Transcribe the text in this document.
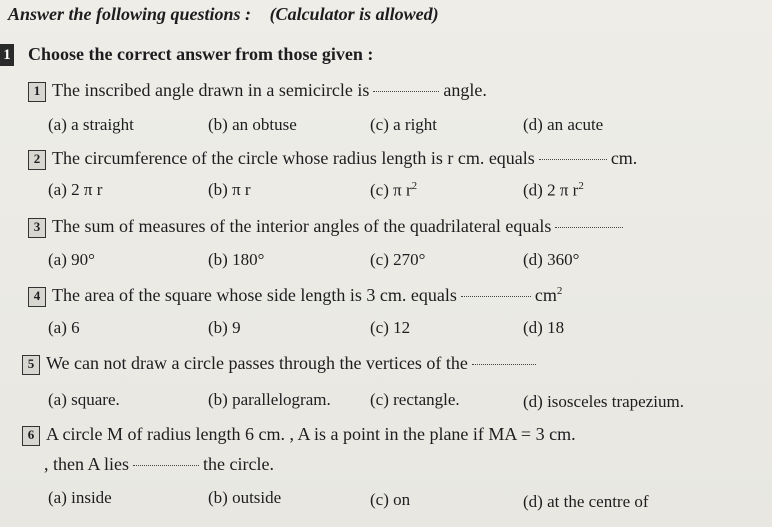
Answer the following questions : (Calculator is allowed)
1 Choose the correct answer from those given :
1 The inscribed angle drawn in a semicircle is	angle.
(a) a straight	(b) an obtuse	(c) a right	(d) an acute
2 The circumference of the circle whose radius length is r cm. equals	cm.
(a) 2 π r	(b) π r	(c) π $r^2$	(d) 2 π $r^2$
3 The sum of measures of the interior angles of the quadrilateral equals
(a) 90°	(b) 180°	(c) 270°	(d) 360°
4 The area of the square whose side length is 3 cm. equals	$cm^2$
(a) 6	(b) 9	(c) 12	(d) 18
5 We can not draw a circle passes through the vertices of the
(a) square.	(b) parallelogram. (c) rectangle.	(d) isosceles trapezium.
6 A circle M of radius length 6 cm. , A is a point in the plane if MA = 3 cm.
, then A lies	the circle.
(a) inside	(b) outside	(c) on	(d) at the centre of
